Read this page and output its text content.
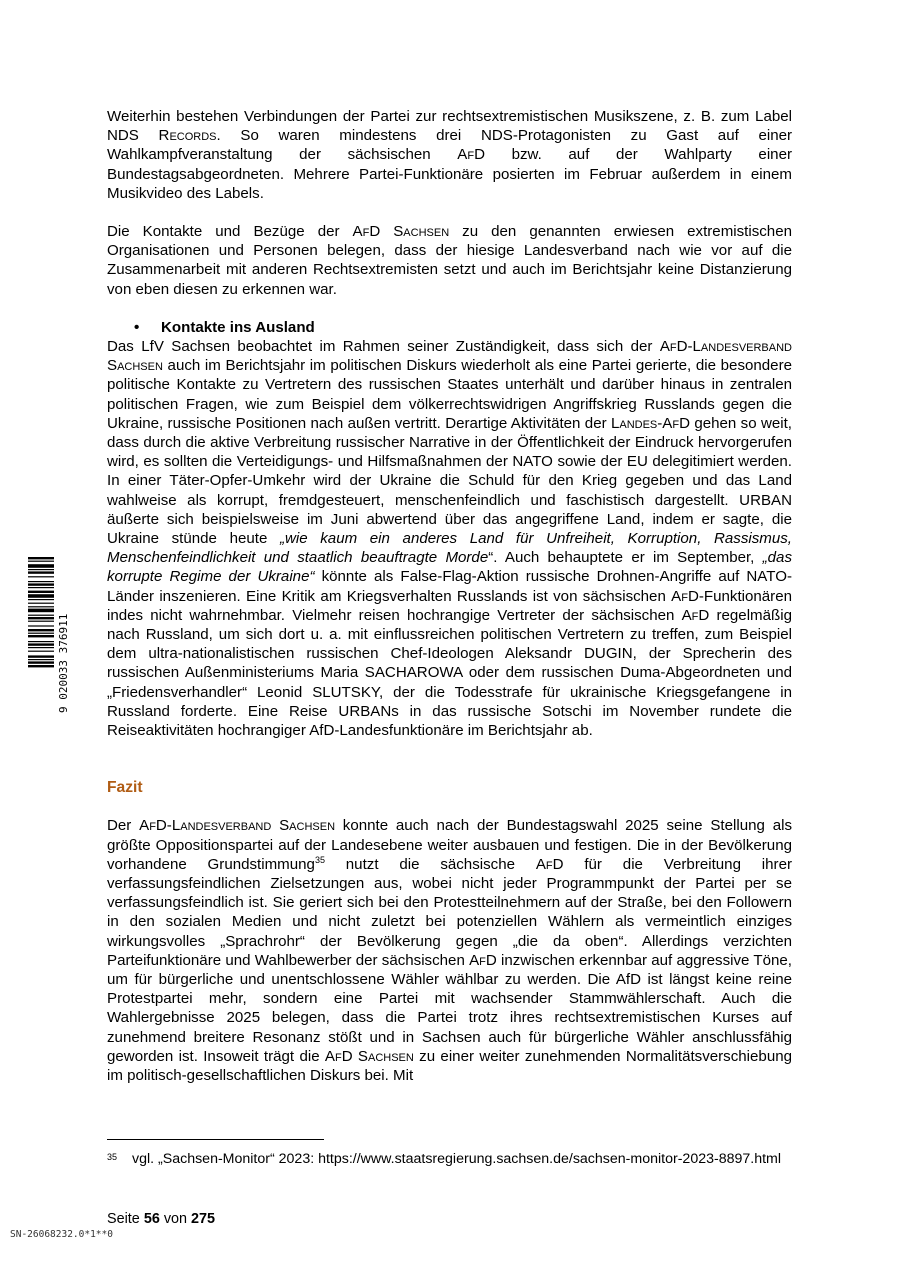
Weiterhin bestehen Verbindungen der Partei zur rechtsextremistischen Musikszene, z. B. zum Label NDS Records. So waren mindestens drei NDS-Protagonisten zu Gast auf einer Wahlkampfveranstaltung der sächsischen AfD bzw. auf der Wahlparty einer Bundestagsabgeordneten. Mehrere Partei-Funktionäre posierten im Februar außerdem in einem Musikvideo des Labels.

Die Kontakte und Bezüge der AfD Sachsen zu den genannten erwiesen extremistischen Organisationen und Personen belegen, dass der hiesige Landesverband nach wie vor auf die Zusammenarbeit mit anderen Rechtsextremisten setzt und auch im Berichtsjahr keine Distanzierung von eben diesen zu erkennen war.

• Kontakte ins Ausland

Das LfV Sachsen beobachtet im Rahmen seiner Zuständigkeit, dass sich der AfD-Landesverband Sachsen auch im Berichtsjahr im politischen Diskurs wiederholt als eine Partei gerierte, die besondere politische Kontakte zu Vertretern des russischen Staates unterhält und darüber hinaus in zentralen politischen Fragen, wie zum Beispiel dem völkerrechtswidrigen Angriffskrieg Russlands gegen die Ukraine, russische Positionen nach außen vertritt. Derartige Aktivitäten der Landes-AfD gehen so weit, dass durch die aktive Verbreitung russischer Narrative in der Öffentlichkeit der Eindruck hervorgerufen wird, es sollten die Verteidigungs- und Hilfsmaßnahmen der NATO sowie der EU delegitimiert werden. In einer Täter-Opfer-Umkehr wird der Ukraine die Schuld für den Krieg gegeben und das Land wahlweise als korrupt, fremdgesteuert, menschenfeindlich und faschistisch dargestellt. URBAN äußerte sich beispielsweise im Juni abwertend über das angegriffene Land, indem er sagte, die Ukraine stünde heute „wie kaum ein anderes Land für Unfreiheit, Korruption, Rassismus, Menschenfeindlichkeit und staatlich beauftragte Morde“. Auch behauptete er im September, „das korrupte Regime der Ukraine“ könnte als False-Flag-Aktion russische Drohnen-Angriffe auf NATO-Länder inszenieren. Eine Kritik am Kriegsverhalten Russlands ist von sächsischen AfD-Funktionären indes nicht wahrnehmbar. Vielmehr reisen hochrangige Vertreter der sächsischen AfD regelmäßig nach Russland, um sich dort u. a. mit einflussreichen politischen Vertretern zu treffen, zum Beispiel dem ultra-nationalistischen russischen Chef-Ideologen Aleksandr DUGIN, der Sprecherin des russischen Außenministeriums Maria SACHAROWA oder dem russischen Duma-Abgeordneten und „Friedensverhandler“ Leonid SLUTSKY, der die Todesstrafe für ukrainische Kriegsgefangene in Russland forderte. Eine Reise URBANs in das russische Sotschi im November rundete die Reiseaktivitäten hochrangiger AfD-Landesfunktionäre im Berichtsjahr ab.

Fazit

Der AfD-Landesverband Sachsen konnte auch nach der Bundestagswahl 2025 seine Stellung als größte Oppositionspartei auf der Landesebene weiter ausbauen und festigen. Die in der Bevölkerung vorhandene Grundstimmung$^{35}$ nutzt die sächsische AfD für die Verbreitung ihrer verfassungsfeindlichen Zielsetzungen aus, wobei nicht jeder Programmpunkt der Partei per se verfassungsfeindlich ist. Sie geriert sich bei den Protestteilnehmern auf der Straße, bei den Followern in den sozialen Medien und nicht zuletzt bei potenziellen Wählern als vermeintlich einziges wirkungsvolles „Sprachrohr“ der Bevölkerung gegen „die da oben“. Allerdings verzichten Parteifunktionäre und Wahlbewerber der sächsischen AfD inzwischen erkennbar auf aggressive Töne, um für bürgerliche und unentschlossene Wähler wählbar zu werden. Die AfD ist längst keine reine Protestpartei mehr, sondern eine Partei mit wachsender Stammwählerschaft. Auch die Wahlergebnisse 2025 belegen, dass die Partei trotz ihres rechtsextremistischen Kurses auf zunehmend breitere Resonanz stößt und in Sachsen auch für bürgerliche Wähler anschlussfähig geworden ist. Insoweit trägt die AfD Sachsen zu einer weiter zunehmenden Normalitätsverschiebung im politisch-gesellschaftlichen Diskurs bei. Mit

35	vgl. „Sachsen-Monitor“ 2023: https://www.staatsregierung.sachsen.de/sachsen-monitor-2023-8897.html
Seite 56 von 275
SN-26068232.0*1**0
9 020033 376911
